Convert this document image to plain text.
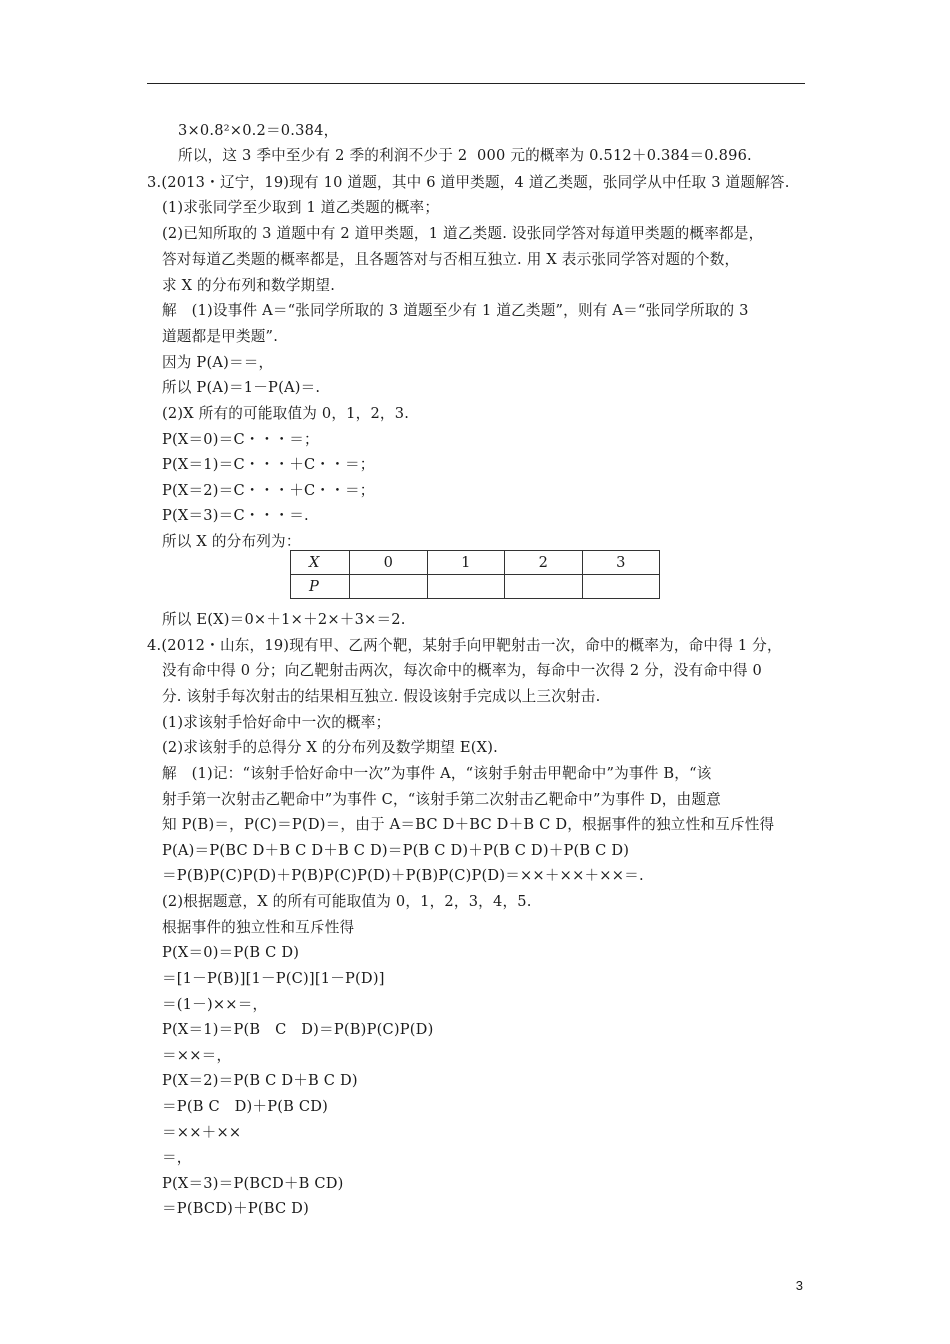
3×0.8²×0.2＝0.384，
所以，这 3 季中至少有 2 季的利润不少于 2  000 元的概率为 0.512＋0.384＝0.896.
3.(2013・辽宁，19)现有 10 道题，其中 6 道甲类题，4 道乙类题，张同学从中任取 3 道题解答.
(1)求张同学至少取到 1 道乙类题的概率；
(2)已知所取的 3 道题中有 2 道甲类题，1 道乙类题. 设张同学答对每道甲类题的概率都是，
答对每道乙类题的概率都是，且各题答对与否相互独立. 用 X 表示张同学答对题的个数，
求 X 的分布列和数学期望.
解　(1)设事件 A＝“张同学所取的 3 道题至少有 1 道乙类题”，则有 A＝“张同学所取的 3
道题都是甲类题”.
因为 P(A)＝＝，
所以 P(A)＝1－P(A)＝.
(2)X 所有的可能取值为 0，1，2，3.
P(X＝0)＝C・・・＝；
P(X＝1)＝C・・・＋C・・＝；
P(X＝2)＝C・・・＋C・・＝；
P(X＝3)＝C・・・＝.
所以 X 的分布列为：
所以 E(X)＝0×＋1×＋2×＋3×＝2.
4.(2012・山东，19)现有甲、乙两个靶，某射手向甲靶射击一次，命中的概率为，命中得 1 分，
没有命中得 0 分；向乙靶射击两次，每次命中的概率为，每命中一次得 2 分，没有命中得 0
分. 该射手每次射击的结果相互独立. 假设该射手完成以上三次射击.
(1)求该射手恰好命中一次的概率；
(2)求该射手的总得分 X 的分布列及数学期望 E(X).
解　(1)记：“该射手恰好命中一次”为事件 A，“该射手射击甲靶命中”为事件 B，“该
射手第一次射击乙靶命中”为事件 C，“该射手第二次射击乙靶命中”为事件 D，由题意
知 P(B)＝，P(C)＝P(D)＝，由于 A＝BC D＋BC D＋B C D，根据事件的独立性和互斥性得
P(A)＝P(BC D＋B C D＋B C D)＝P(B C D)＋P(B C D)＋P(B C D)
＝P(B)P(C)P(D)＋P(B)P(C)P(D)＋P(B)P(C)P(D)＝××＋××＋××＝.
(2)根据题意，X 的所有可能取值为 0，1，2，3，4，5.
根据事件的独立性和互斥性得
P(X＝0)＝P(B C D)
＝[1－P(B)][1－P(C)][1－P(D)]
＝(1－)××＝，
P(X＝1)＝P(B　C　D)＝P(B)P(C)P(D)
＝××＝，
P(X＝2)＝P(B C D＋B C D)
＝P(B C　D)＋P(B CD)
＝××＋××
＝，
P(X＝3)＝P(BCD＋B CD)
＝P(BCD)＋P(BC D)
X	0	1	2	3
P				
3
